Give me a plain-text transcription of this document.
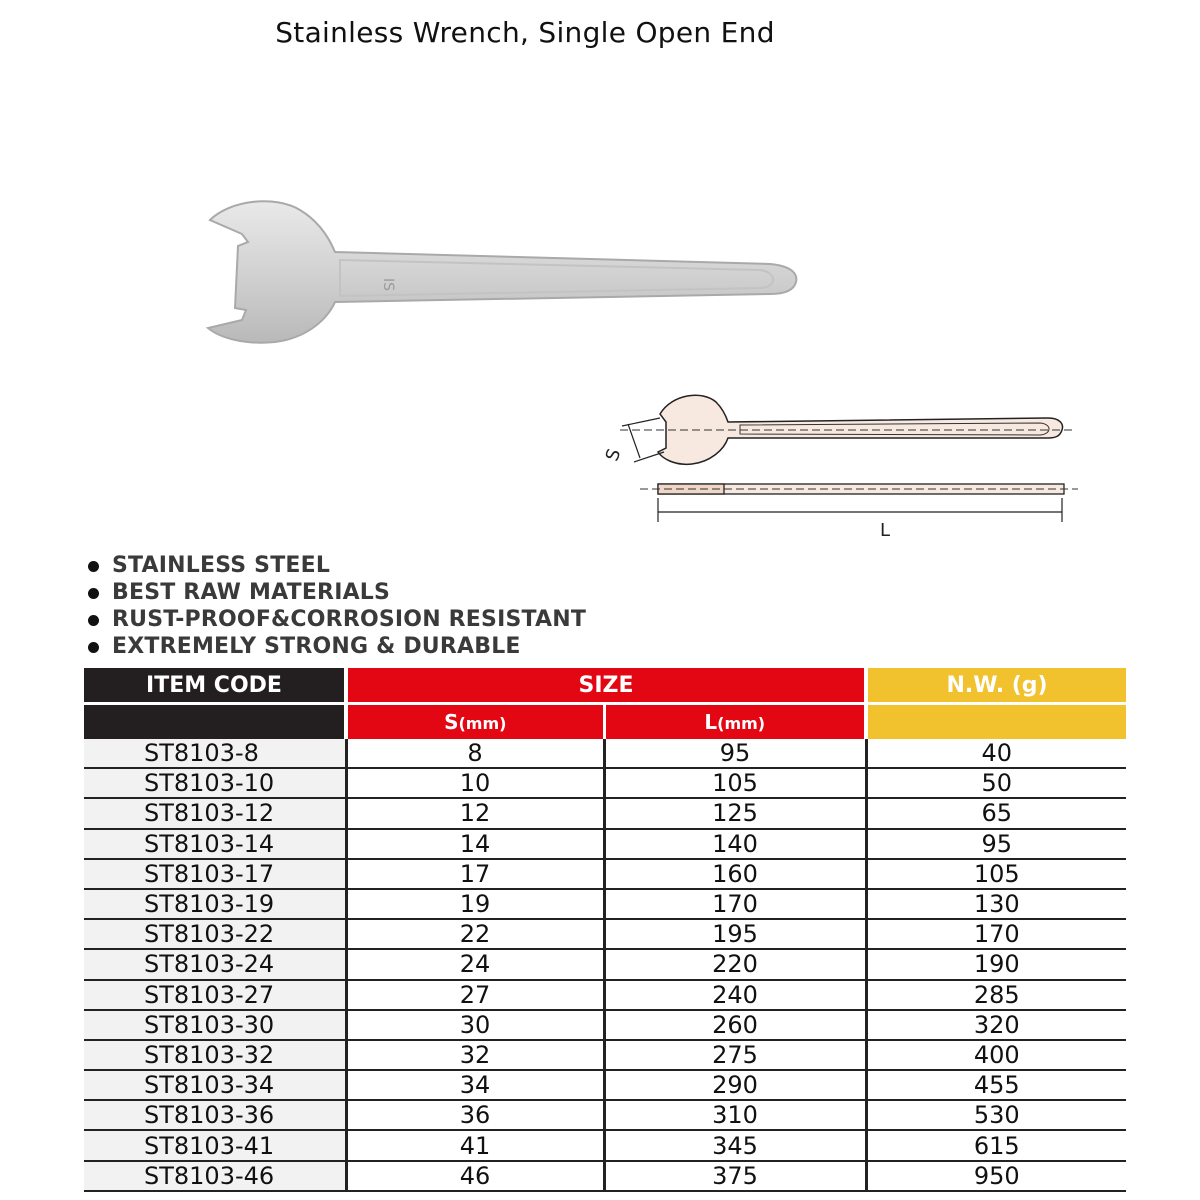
Stainless Wrench, Single Open End
IS
S
L
STAINLESS STEEL
BEST RAW MATERIALS
RUST-PROOF&CORROSION RESISTANT
EXTREMELY STRONG & DURABLE
ITEM CODE	SIZE		N.W. (g)

	S(mm)	L(mm)	
ST8103-8	8	95	40
ST8103-10	10	105	50
ST8103-12	12	125	65
ST8103-14	14	140	95
ST8103-17	17	160	105
ST8103-19	19	170	130
ST8103-22	22	195	170
ST8103-24	24	220	190
ST8103-27	27	240	285
ST8103-30	30	260	320
ST8103-32	32	275	400
ST8103-34	34	290	455
ST8103-36	36	310	530
ST8103-41	41	345	615
ST8103-46	46	375	950
